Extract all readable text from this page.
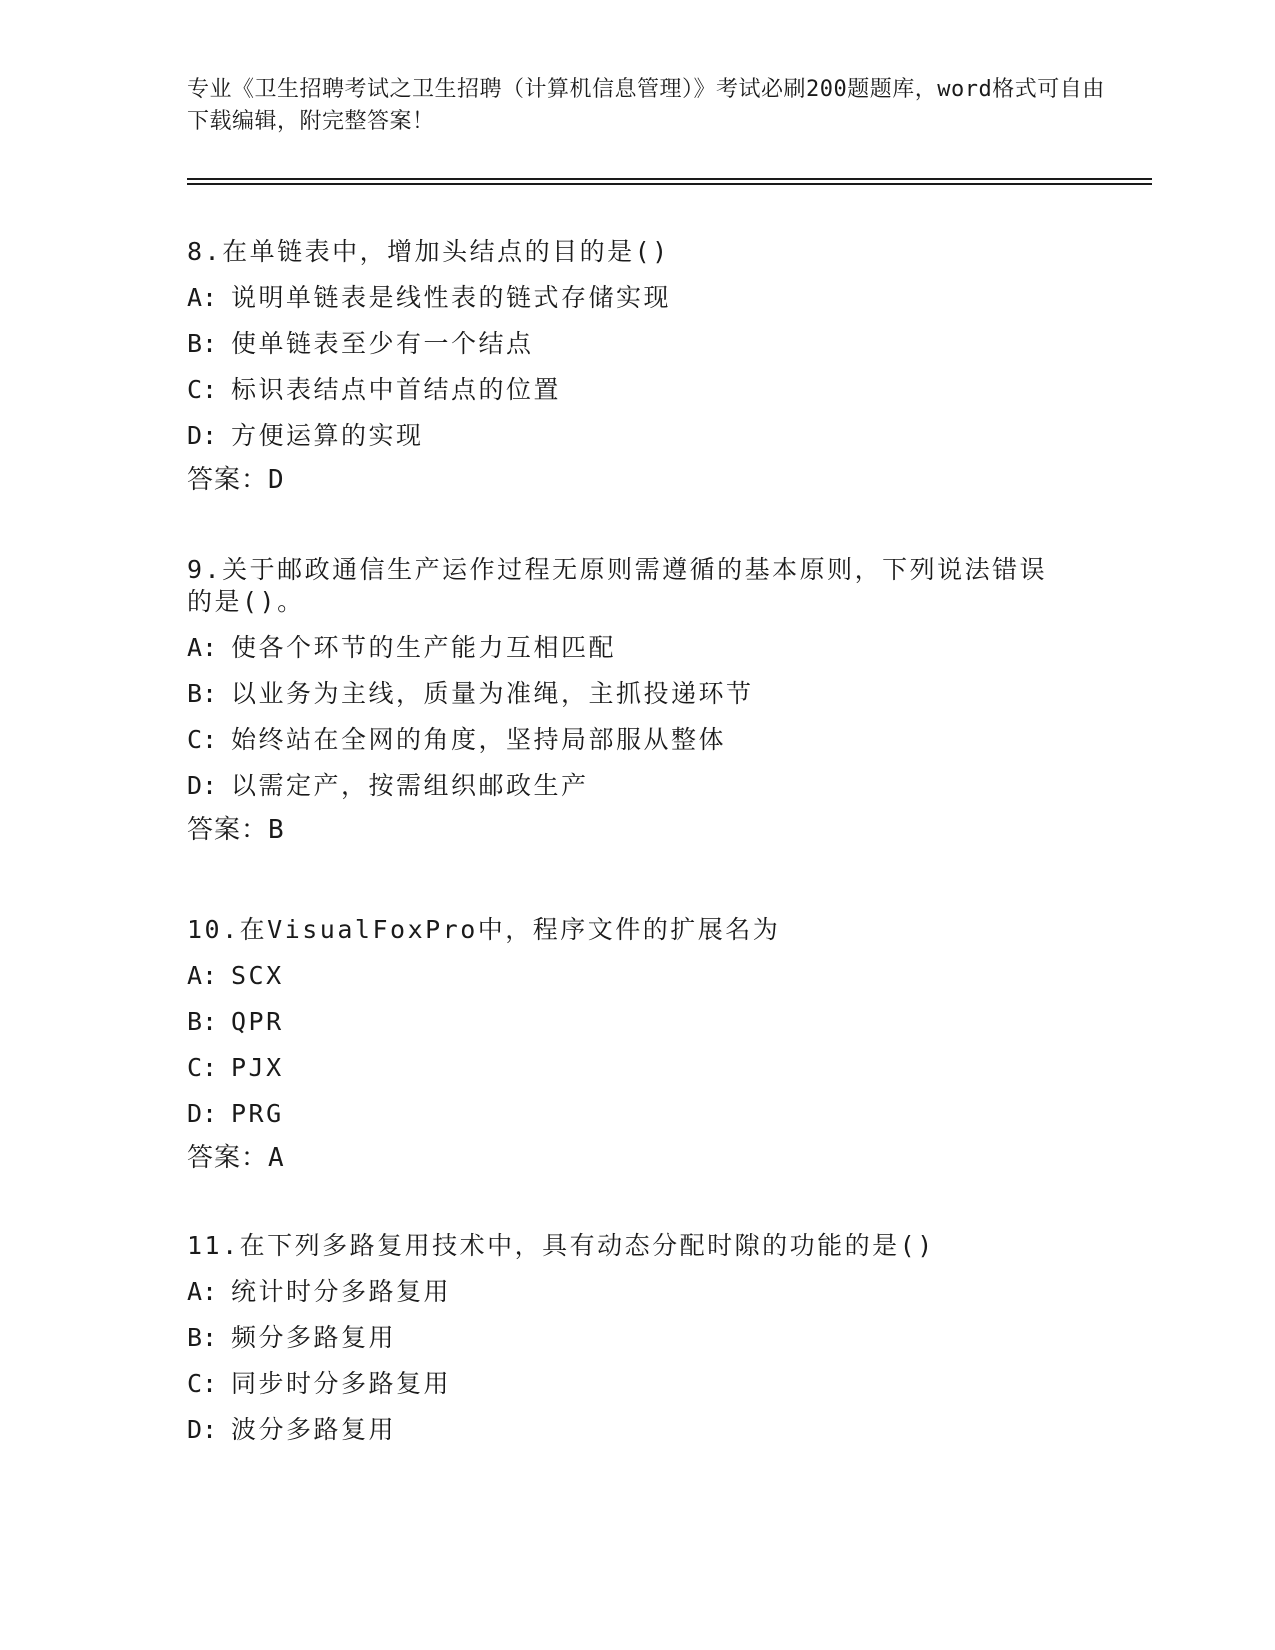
专业《卫生招聘考试之卫生招聘（计算机信息管理）》考试必刷200题题库，word格式可自由下载编辑，附完整答案！

8.在单链表中，增加头结点的目的是()

A: 说明单链表是线性表的链式存储实现
B: 使单链表至少有一个结点
C: 标识表结点中首结点的位置
D: 方便运算的实现
答案：D

9.关于邮政通信生产运作过程无原则需遵循的基本原则，下列说法错误的是()。

A: 使各个环节的生产能力互相匹配
B: 以业务为主线，质量为准绳，主抓投递环节
C: 始终站在全网的角度，坚持局部服从整体
D: 以需定产，按需组织邮政生产
答案：B

10.在VisualFoxPro中，程序文件的扩展名为

A: SCX
B: QPR
C: PJX
D: PRG
答案：A

11.在下列多路复用技术中，具有动态分配时隙的功能的是()

A: 统计时分多路复用
B: 频分多路复用
C: 同步时分多路复用
D: 波分多路复用
